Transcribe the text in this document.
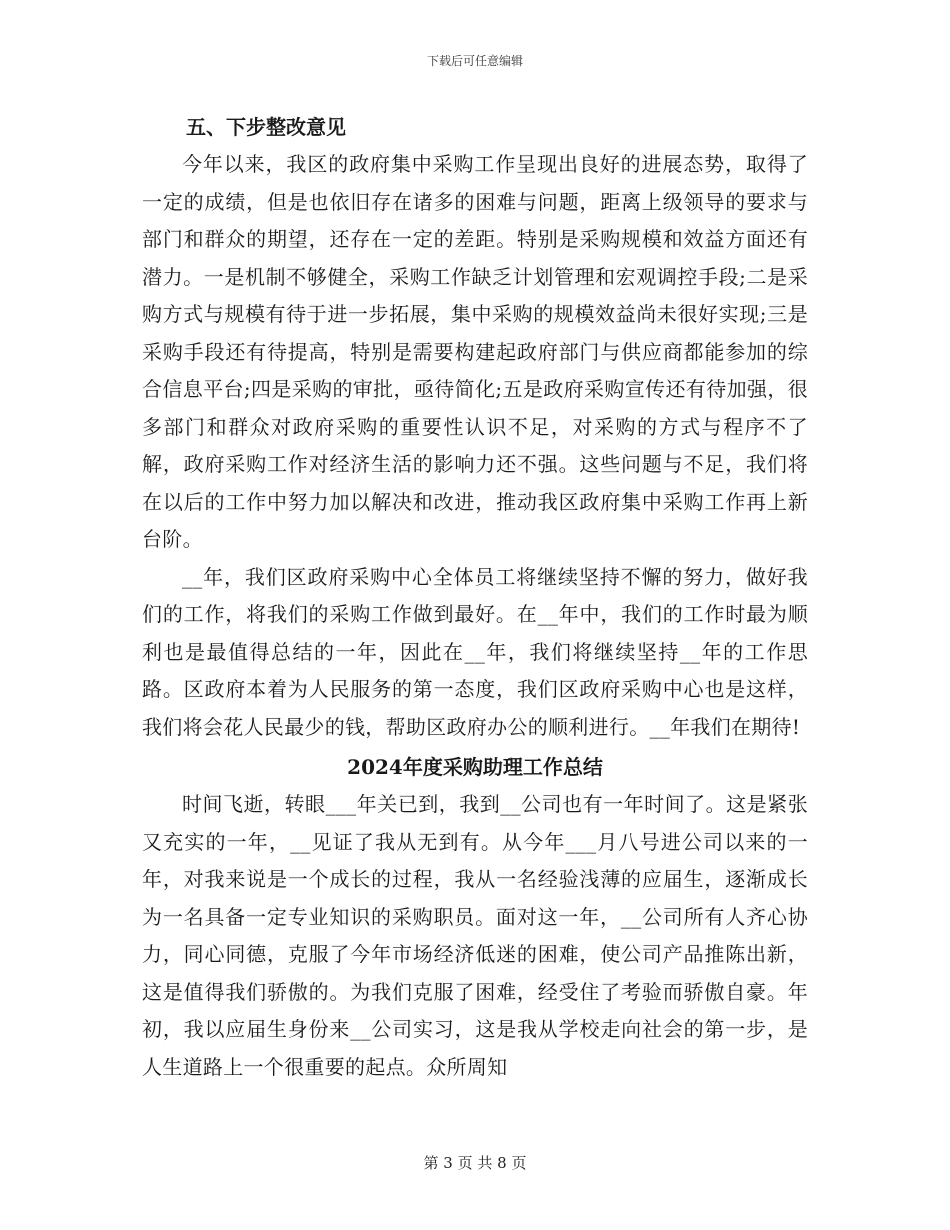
下载后可任意编辑
五、下步整改意见

今年以来，我区的政府集中采购工作呈现出良好的进展态势，取得了一定的成绩，但是也依旧存在诸多的困难与问题，距离上级领导的要求与部门和群众的期望，还存在一定的差距。特别是采购规模和效益方面还有潜力。一是机制不够健全，采购工作缺乏计划管理和宏观调控手段;二是采购方式与规模有待于进一步拓展，集中采购的规模效益尚未很好实现;三是采购手段还有待提高，特别是需要构建起政府部门与供应商都能参加的综合信息平台;四是采购的审批，亟待简化;五是政府采购宣传还有待加强，很多部门和群众对政府采购的重要性认识不足，对采购的方式与程序不了解，政府采购工作对经济生活的影响力还不强。这些问题与不足，我们将在以后的工作中努力加以解决和改进，推动我区政府集中采购工作再上新台阶。

__年，我们区政府采购中心全体员工将继续坚持不懈的努力，做好我们的工作，将我们的采购工作做到最好。在__年中，我们的工作时最为顺利也是最值得总结的一年，因此在__年，我们将继续坚持__年的工作思路。区政府本着为人民服务的第一态度，我们区政府采购中心也是这样，我们将会花人民最少的钱，帮助区政府办公的顺利进行。__年我们在期待!

2024年度采购助理工作总结

时间飞逝，转眼___年关已到，我到__公司也有一年时间了。这是紧张又充实的一年，__见证了我从无到有。从今年___月八号进公司以来的一年，对我来说是一个成长的过程，我从一名经验浅薄的应届生，逐渐成长为一名具备一定专业知识的采购职员。面对这一年，__公司所有人齐心协力，同心同德，克服了今年市场经济低迷的困难，使公司产品推陈出新，这是值得我们骄傲的。为我们克服了困难，经受住了考验而骄傲自豪。年初，我以应届生身份来__公司实习，这是我从学校走向社会的第一步，是人生道路上一个很重要的起点。众所周知

第 3 页 共 8 页
